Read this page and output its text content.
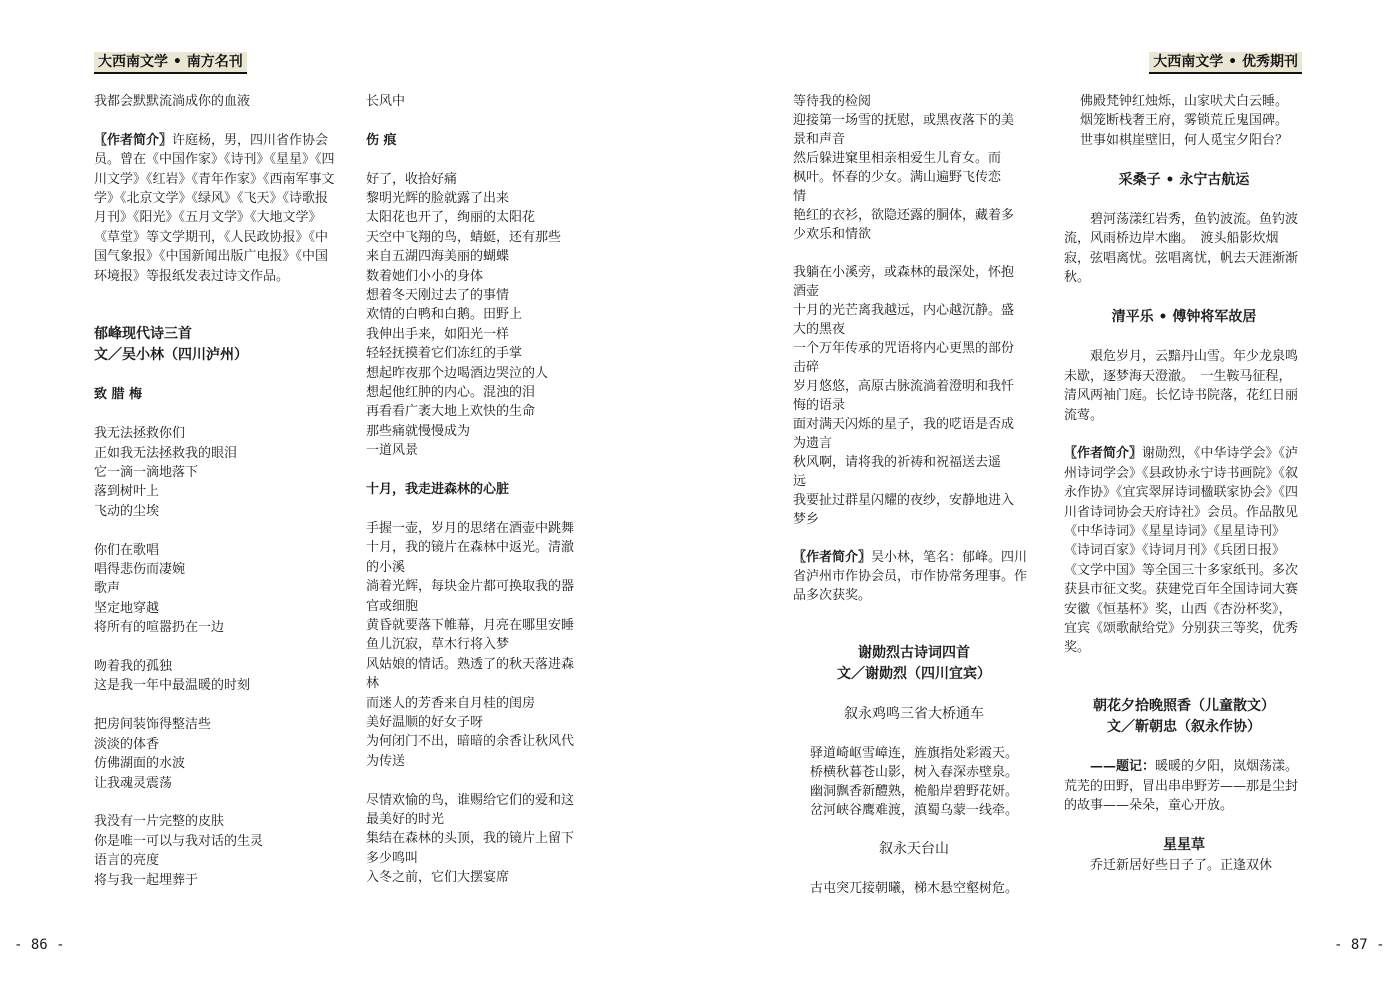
大西南文学 • 南方名刊	大西南文学 • 优秀期刊
我都会默默流淌成你的血液
〖作者简介〗许庭杨，男，四川省作协会员。曾在《中国作家》《诗刊》《星星》《四川文学》《红岩》《青年作家》《西南军事文学》《北京文学》《绿风》《飞天》《诗歌报月刊》《阳光》《五月文学》《大地文学》《草堂》等文学期刊，《人民政协报》《中国气象报》《中国新闻出版广电报》《中国环境报》等报纸发表过诗文作品。
郁峰现代诗三首
文／吴小林（四川泸州）
致 腊 梅
我无法拯救你们
正如我无法拯救我的眼泪
它一滴一滴地落下
落到树叶上
飞动的尘埃
你们在歌唱
唱得悲伤而凄婉
歌声
坚定地穿越
将所有的喧嚣扔在一边
吻着我的孤独
这是我一年中最温暖的时刻
把房间装饰得整洁些
淡淡的体香
仿佛湖面的水波
让我魂灵震荡
我没有一片完整的皮肤
你是唯一可以与我对话的生灵
语言的亮度
将与我一起埋葬于
长风中
伤 痕
好了，收拾好痛
黎明光辉的脸就露了出来
太阳花也开了，绚丽的太阳花
天空中飞翔的鸟，蜻蜓，还有那些
来自五湖四海美丽的蝴蝶
数着她们小小的身体
想着冬天刚过去了的事情
欢情的白鸭和白鹅。田野上
我伸出手来，如阳光一样
轻轻抚摸着它们冻红的手掌
想起昨夜那个边喝酒边哭泣的人
想起他红肿的内心。混浊的泪
再看看广袤大地上欢快的生命
那些痛就慢慢成为
一道风景
十月，我走进森林的心脏
手握一壶，岁月的思绪在酒壶中跳舞
十月，我的镜片在森林中返光。清澈
的小溪
淌着光辉，每块金片都可换取我的器
官或细胞
黄昏就要落下帷幕，月亮在哪里安睡
鱼儿沉寂，草木行将入梦
风姑娘的情话。熟透了的秋天落进森
林
而迷人的芳香来自月桂的闺房
美好温顺的好女子呀
为何闭门不出，暗暗的余香让秋风代
为传送
尽情欢愉的鸟，谁赐给它们的爱和这
最美好的时光
集结在森林的头顶，我的镜片上留下
多少鸣叫
入冬之前，它们大摆宴席
等待我的检阅
迎接第一场雪的抚慰，或黑夜落下的美
景和声音
然后躲进窠里相亲相爱生儿育女。而
枫叶。怀春的少女。满山遍野飞传恋
情
艳红的衣衫，欲隐还露的胴体，藏着多
少欢乐和情欲
我躺在小溪旁，或森林的最深处，怀抱
酒壶
十月的光芒离我越远，内心越沉静。盛
大的黑夜
一个万年传承的咒语将内心更黑的部份
击碎
岁月悠悠，高原古脉流淌着澄明和我忏
悔的语录
面对满天闪烁的星子，我的呓语是否成
为遗言
秋风啊，请将我的祈祷和祝福送去遥
远
我要扯过群星闪耀的夜纱，安静地进入
梦乡
〖作者简介〗吴小林，笔名：郁峰。四川省泸州市作协会员，市作协常务理事。作品多次获奖。
谢勋烈古诗词四首
文／谢勋烈（四川宜宾）
叙永鸡鸣三省大桥通车
驿道崎岖雪嶂连，旌旗指处彩霞天。
桥横秋暮苍山影，树入春深赤壁泉。
幽洞飘香新醴熟，桅船岸碧野花妍。
岔河峡谷鹰难渡，滇蜀乌蒙一线牵。
叙永天台山
古屯突兀接朝曦，梯木悬空壑树危。
佛殿梵钟红烛烁，山家吠犬白云睡。
烟笼断栈奢王府，雾锁荒丘鬼国碑。
世事如棋崖壁旧，何人觅宝夕阳台？
采桑子 • 永宁古航运
碧河荡漾红岩秀，鱼钓波流。鱼钓波流，风雨桥边岸木幽。　渡头船影炊烟寂，弦唱离忧。弦唱离忧，帆去天涯渐渐秋。
清平乐 • 傅钟将军故居
艰危岁月，云黯丹山雪。年少龙泉鸣未歇，逐梦海天澄澈。　一生鞍马征程，清风两袖门庭。长忆诗书院落，花红日丽流莺。
〖作者简介〗谢勋烈，《中华诗学会》《泸州诗词学会》《县政协永宁诗书画院》《叙永作协》《宜宾翠屏诗词楹联家协会》《四川省诗词协会天府诗社》会员。作品散见《中华诗词》《星星诗词》《星星诗刊》《诗词百家》《诗词月刊》《兵团日报》《文学中国》等全国三十多家纸刊。多次获县市征文奖。获建党百年全国诗词大赛安徽《恒基杯》奖，山西《杏汾杯奖》，宜宾《颂歌献给党》分别获三等奖，优秀奖。
朝花夕拾晚照香（儿童散文）
文／靳朝忠（叙永作协）
——题记：暖暖的夕阳，岚烟荡漾。荒芜的田野，冒出串串野芳——那是尘封的故事——朵朵，童心开放。
星星草
乔迁新居好些日子了。正逢双休
- 86 -	- 87 -
